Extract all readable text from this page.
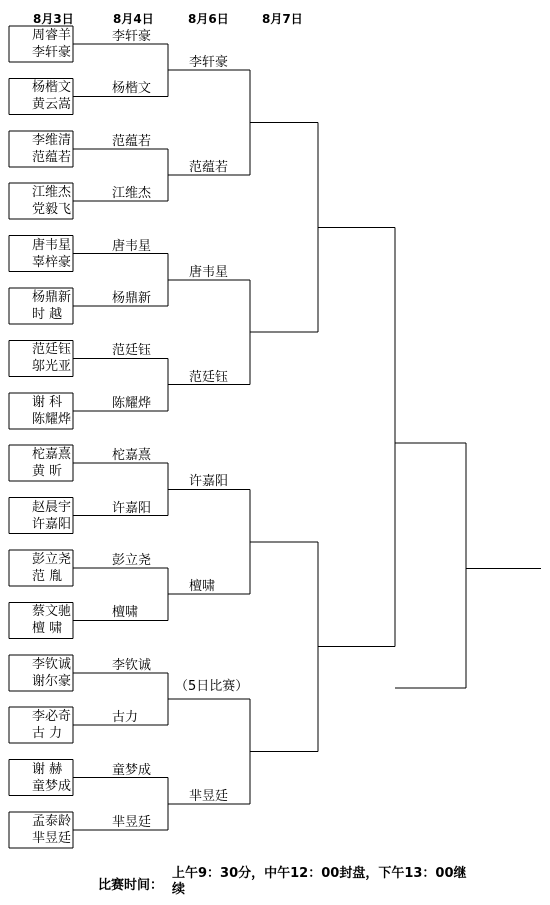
周睿羊
李轩豪
李轩豪
杨楷文
黄云嵩
杨楷文
李维清
范蕴若
范蕴若
江维杰
党毅飞
江维杰
唐韦星
辜梓豪
唐韦星
杨鼎新
时 越
杨鼎新
范廷钰
邬光亚
范廷钰
谢 科
陈耀烨
陈耀烨
柁嘉熹
黄 昕
柁嘉熹
赵晨宇
许嘉阳
许嘉阳
彭立尧
范 胤
彭立尧
蔡文驰
檀 啸
檀啸
李钦诚
谢尔豪
李钦诚
李必奇
古 力
古力
谢 赫
童梦成
童梦成
孟泰龄
芈昱廷
芈昱廷
李轩豪
范蕴若
唐韦星
范廷钰
许嘉阳
檀啸
（5日比赛）
芈昱廷
比赛时间：
上午9：30分，中午12：00封盘，下午13：00继续
8月3日	8月4日	8月6日	8月7日
